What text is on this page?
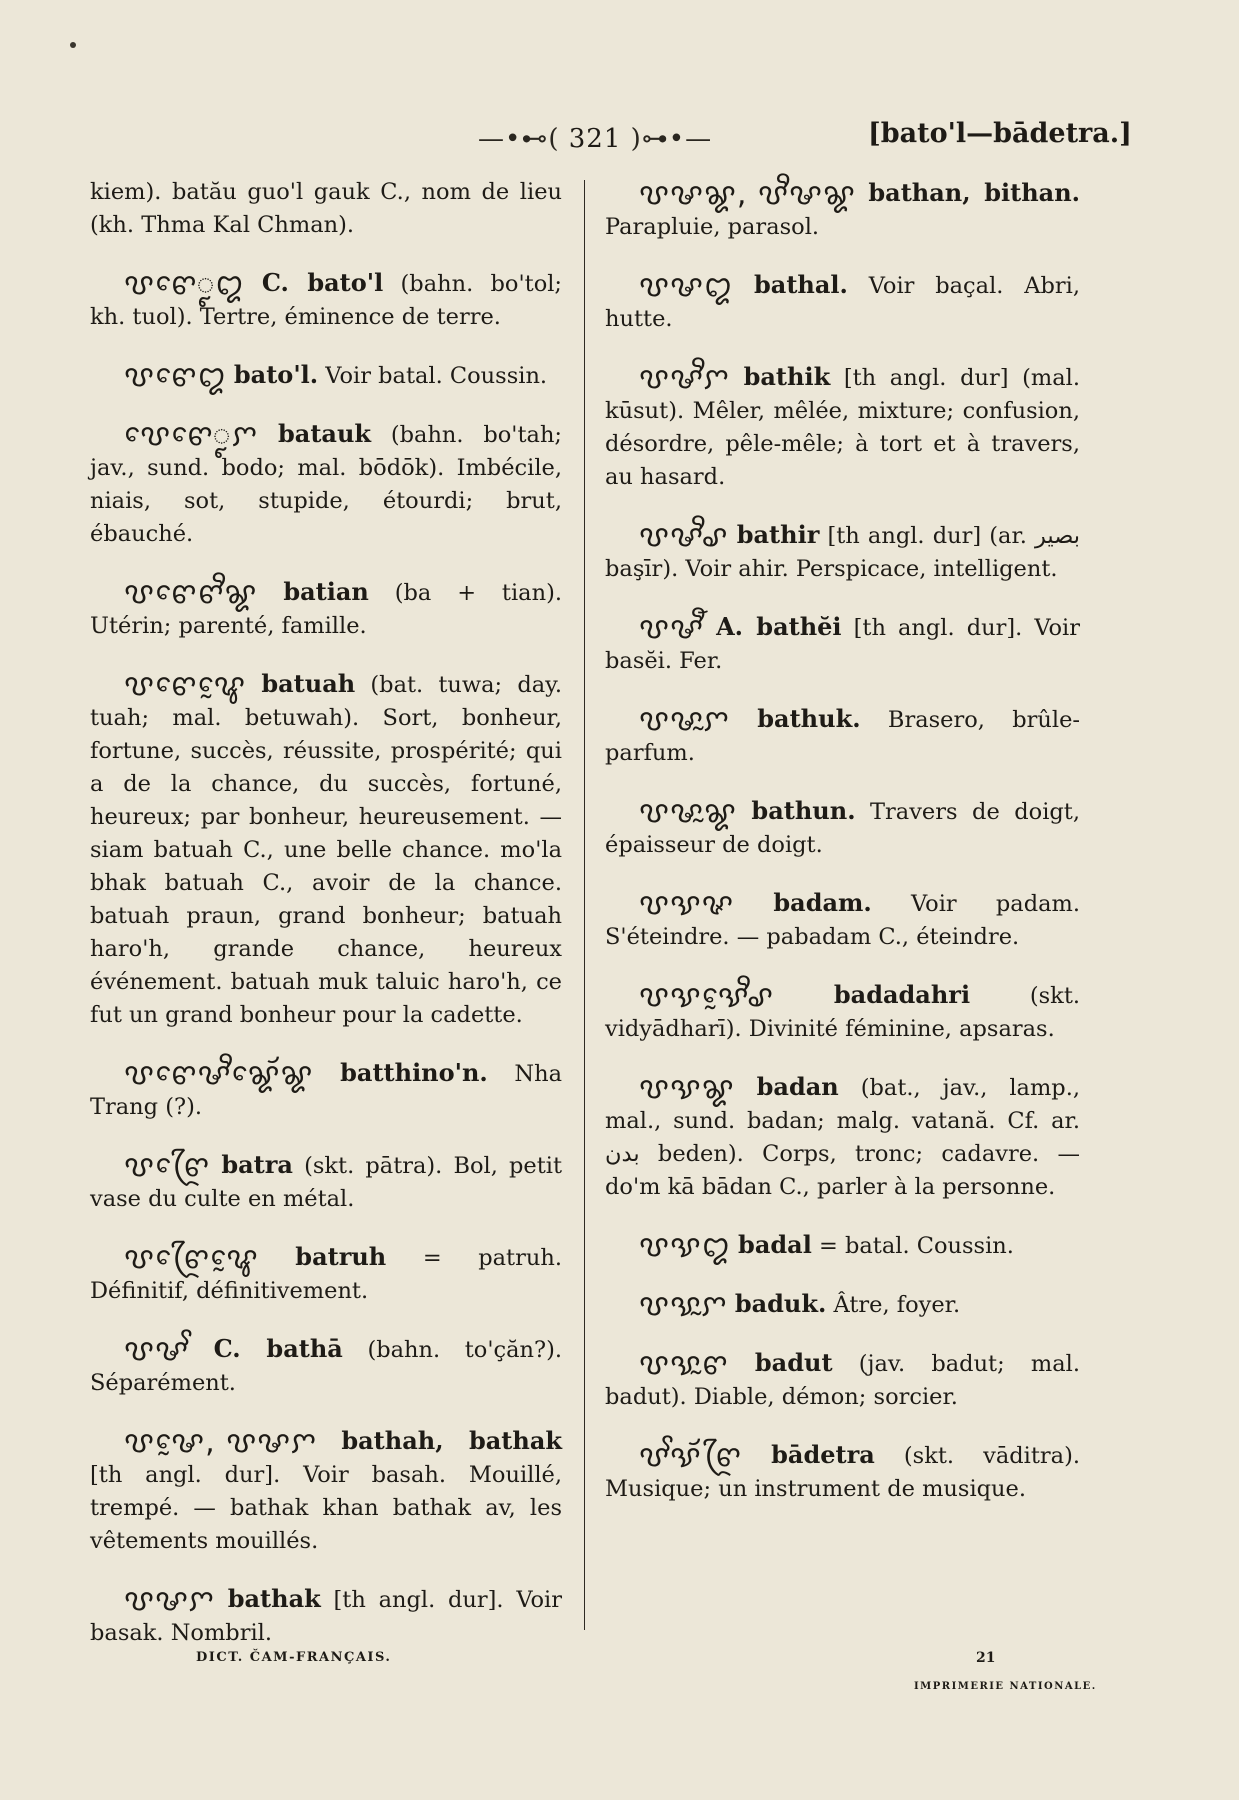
—•⊷( 321 )⊶•—	[bato'l—bādetra.]
kiem). batău guo'l gauk C., nom de lieu (kh. Thma Kal Chman).
ꨝꨓꨯꨵꨁ C. bato'l (bahn. bo'tol; kh. tuol). Tertre, éminence de terre.
ꨝꨓꨯꨁ bato'l. Voir batal. Coussin.
ꨝꨯꨓꨯꨵꨆ batauk (bahn. bo'tah; jav., sund. bodo; mal. bōdōk). Imbécile, niais, sot, stupide, étourdi; brut, ébauché.
ꨝꨓꨯꨓꨪꨘ batian (ba + tian). Utérin; parenté, famille.
ꨝꨓꨯꨥꨰ batuah (bat. tuwa; day. tuah; mal. betuwah). Sort, bonheur, fortune, succès, réussite, prospérité; qui a de la chance, du succès, fortuné, heureux; par bonheur, heureusement. — siam batuah C., une belle chance. mo'la bhak batuah C., avoir de la chance. batuah praun, grand bonheur; batuah haro'h, grande chance, heureux événement. batuah muk taluic haro'h, ce fut un grand bonheur pour la cadette.
ꨝꨓꨯꨔꨪꨘꨯꨮꨘ batthino'n. Nha Trang (?).
ꨝꨓꨴꨯ batra (skt. pātra). Bol, petit vase du culte en métal.
ꨝꨓꨴꨯꨥꨰ batruh = patruh. Définitif, définitivement.
ꨝꨔꨩ C. bathā (bahn. to'çăn?). Séparément.
ꨝꨔꨰ, ꨝꨔꨆ bathah, bathak [th angl. dur]. Voir basah. Mouillé, trempé. — bathak khan bathak av, les vêtements mouillés.
ꨝꨔꨆ bathak [th angl. dur]. Voir basak. Nombril.
ꨝꨔꨘ, ꨝꨪꨔꨘ bathan, bithan. Parapluie, parasol.
ꨝꨔꨁ bathal. Voir baçal. Abri, hutte.
ꨝꨔꨪꨆ bathik [th angl. dur] (mal. kūsut). Mêler, mêlée, mixture; confusion, désordre, pêle-mêle; à tort et à travers, au hasard.
ꨝꨔꨪꨣ bathir [th angl. dur] (ar. بصير başīr). Voir ahir. Perspicace, intelligent.
ꨝꨔꨬ A. bathĕi [th angl. dur]. Voir basĕi. Fer.
ꨝꨔꨭꨆ bathuk. Brasero, brûle-parfum.
ꨝꨔꨭꨘ bathun. Travers de doigt, épaisseur de doigt.
ꨝꨕꨟ badam. Voir padam. S'éteindre. — pabadam C., éteindre.
ꨝꨕꨕꨰꨪꨣ badadahri	(skt. vidyādharī). Divinité féminine, apsaras.
ꨝꨕꨘ badan (bat., jav., lamp., mal., sund. badan; malg. vatană. Cf. ar. بدن beden). Corps, tronc; cadavre. — do'm kā bādan C., parler à la personne.
ꨝꨕꨁ badal = batal. Coussin.
ꨝꨕꨭꨆ baduk. Âtre, foyer.
ꨝꨕꨭꨓ badut (jav. badut; mal. badut). Diable, démon; sorcier.
ꨝꨩꨕꨮꨓꨴ bādetra (skt. vāditra). Musique; un instrument de musique.
DICT. ČAM-FRANÇAIS.	21
IMPRIMERIE NATIONALE.
